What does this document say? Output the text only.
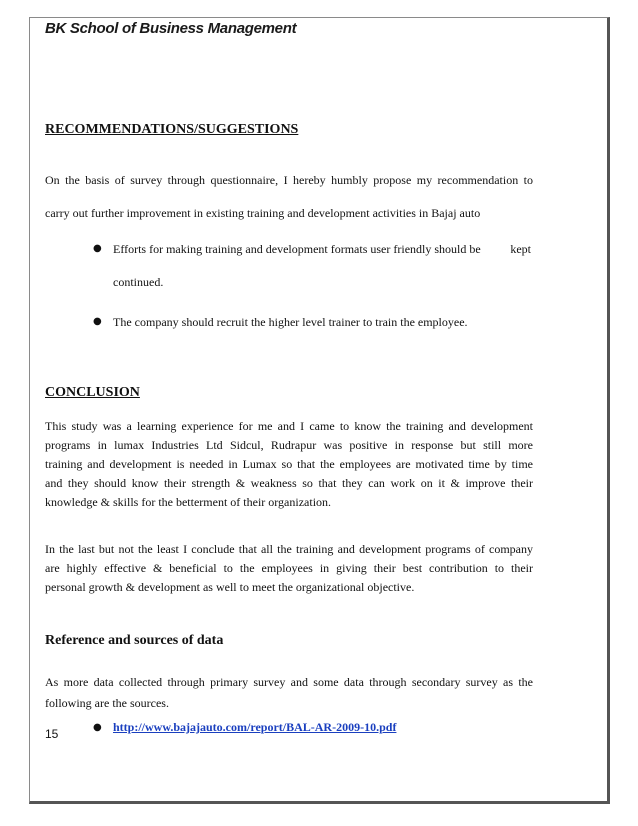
BK School of Business Management
RECOMMENDATIONS/SUGGESTIONS
On the basis of survey through questionnaire, I hereby humbly propose my recommendation to
carry out further improvement in existing training and development activities in Bajaj auto
● Efforts for making training and development formats user friendly should be kept
continued.
● The company should recruit the higher level trainer to train the employee.
CONCLUSION
This study was a learning experience for me and I came to know the training and development
programs in lumax Industries Ltd Sidcul, Rudrapur was positive in response but still more
training and development is needed in Lumax so that the employees are motivated time by time
and they should know their strength & weakness so that they can work on it & improve their
knowledge & skills for the betterment of their organization.
In the last but not the least I conclude that all the training and development programs of company
are highly effective & beneficial to the employees in giving their best contribution to their
personal growth & development as well to meet the organizational objective.
Reference and sources of data
As more data collected through primary survey and some data through secondary survey as the
following are the sources.
● http://www.bajajauto.com/report/BAL-AR-2009-10.pdf
15
